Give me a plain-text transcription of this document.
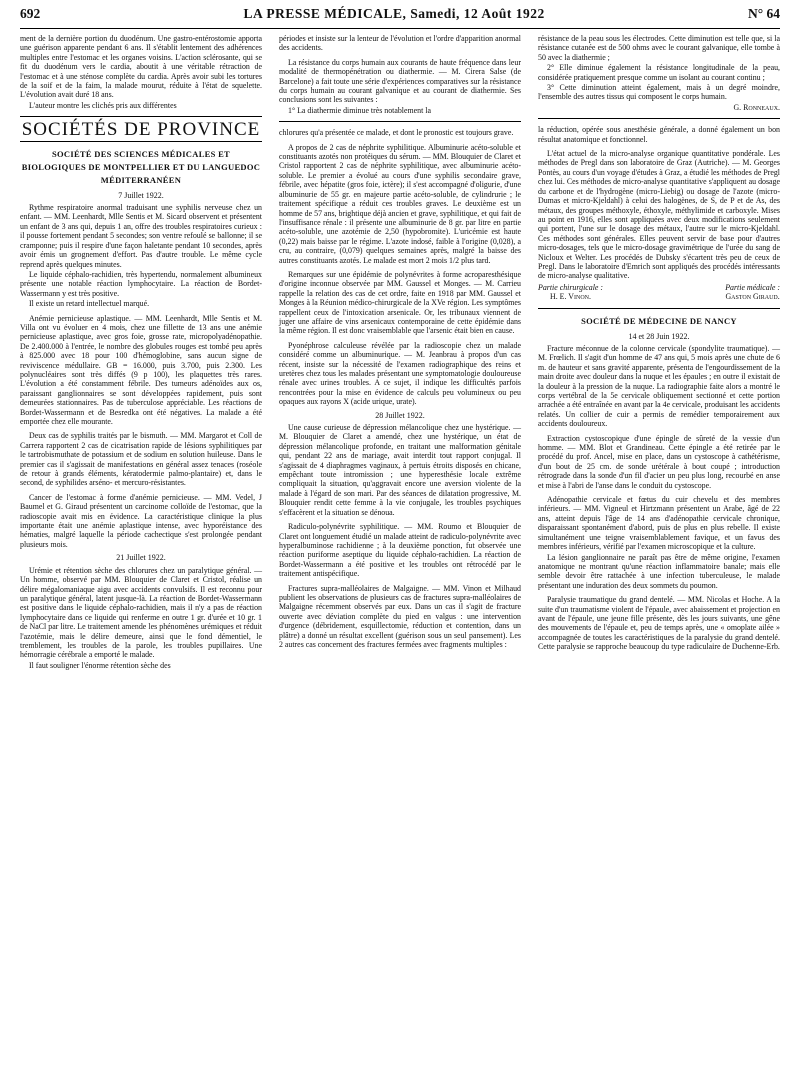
692	LA PRESSE MÉDICALE, Samedi, 12 Août 1922	N° 64

ment de la dernière portion du duodénum. Une gastro-entérostomie apporta une guérison apparente pendant 6 ans. Il s'établit lentement des adhérences multiples entre l'estomac et les organes voisins. L'action sclérosante, qui se fit du duodénum vers le cardia, aboutit à une véritable rétraction de l'estomac et à une sténose complète du cardia. Après avoir subi les tortures de la soif et de la faim, la malade mourut, réduite à l'état de squelette. L'évolution avait duré 18 ans.

L'auteur montre les clichés pris aux différentes

SOCIÉTÉS DE PROVINCE
SOCIÉTÉ DES SCIENCES MÉDICALES ET BIOLOGIQUES DE MONTPELLIER ET DU LANGUEDOC MÉDITERRANÉEN
7 Juillet 1922.

Rythme respiratoire anormal traduisant une syphilis nerveuse chez un enfant. — MM. Leenhardt, Mlle Sentis et M. Sicard observent et présentent un enfant de 3 ans qui, depuis 1 an, offre des troubles respiratoires curieux : il pousse fortement pendant 5 secondes; son ventre refoulé se ballonne; il se cramponne; puis il respire d'une façon haletante pendant 10 secondes, après avoir émis un grognement d'effort. Pas d'autre trouble. Le même cycle reprend après quelques minutes.

Le liquide céphalo-rachidien, très hypertendu, normalement albumineux présente une notable réaction lymphocytaire. La réaction de Bordet-Wassermann y est très positive.

Il existe un retard intellectuel marqué.

Anémie pernicieuse aplastique. — MM. Leenhardt, Mlle Sentis et M. Villa ont vu évoluer en 4 mois, chez une fillette de 13 ans une anémie pernicieuse aplastique, avec gros foie, grosse rate, micropolyadénopathie. De 2.400.000 à l'entrée, le nombre des globules rouges est tombé peu après à 825.000 avec 18 pour 100 d'hémoglobine, sans aucun signe de reviviscence médullaire. GB = 16.000, puis 3.700, puis 2.300. Les polynucléaires sont très diffés (9 p 100), les plaquettes très rares. L'évolution a été constamment fébrile. Des tumeurs adénoïdes aux os, paraissant ganglionnaires se sont développées rapidement, puis sont demeurées stationnaires. Pas de tuberculose appréciable. Les réactions de Bordet-Wassermann et de Besredka ont été négatives. La malade a été emportée chez elle mourante.

Deux cas de syphilis traités par le bismuth. — MM. Margarot et Coll de Carrera rapportent 2 cas de cicatrisation rapide de lésions syphilitiques par le tartrobismuthate de potassium et de sodium en solution huileuse. Dans le premier cas il s'agissait de manifestations en général assez tenaces (roséole de retour à grands éléments, kératodermie palmo-plantaire) et, dans le second, de syphilides arséno- et mercuro-résistantes.

Cancer de l'estomac à forme d'anémie pernicieuse. — MM. Vedel, J Baumel et G. Giraud présentent un carcinome colloïde de l'estomac, que la radioscopie avait mis en évidence. La caractéristique clinique la plus importante était une anémie aplastique intense, avec hyporéistance des hématies, malgré laquelle la période cachectique s'est prolongée pendant plusieurs mois.

21 Juillet 1922.

Urémie et rétention sèche des chlorures chez un paralytique général. — Un homme, observé par MM. Blouquier de Claret et Cristol, réalise un délire mégalomaniaque aigu avec accidents convulsifs. Il est reconnu pour un paralytique général, latent jusque-là. La réaction de Bordet-Wassermann est positive dans le liquide céphalo-rachidien, mais il n'y a pas de réaction lymphocytaire dans ce liquide qui renferme en outre 1 gr. d'urée et 10 gr. 1 de NaCl par litre. Le traitement amende les phénomènes urémiques et réduit l'azotémie, mais le délire demeure, ainsi que le fond démentiel, le tremblement, les troubles de la parole, les troubles pupillaires. Une hémorragie cérébrale a emporté le malade.

Il faut souligner l'énorme rétention sèche des

périodes et insiste sur la lenteur de l'évolution et l'ordre d'apparition anormal des accidents.

La résistance du corps humain aux courants de haute fréquence dans leur modalité de thermopénétration ou diathermie. — M. Cirera Salse (de Barcelone) a fait toute une série d'expériences comparatives sur la résistance du corps humain au courant galvanique et au courant de diathermie. Ses conclusions sont les suivantes :

1° La diathermie diminue très notablement la

chlorures qu'a présentée ce malade, et dont le pronostic est toujours grave.

A propos de 2 cas de néphrite syphilitique. Albuminurie acéto-soluble et constituants azotés non protéiques du sérum. — MM. Blouquier de Claret et Cristol rapportent 2 cas de néphrite syphilitique, avec albuminurie acéto-soluble. Le premier a évolué au cours d'une syphilis secondaire grave, fébrile, avec hépatite (gros foie, ictère); il s'est accompagné d'oligurie, d'une albuminurie de 55 gr. en majeure partie acéto-soluble, de cylindrurie ; le traitement spécifique a réduit ces troubles graves. Le deuxième est un homme de 57 ans, brightique déjà ancien et grave, syphilitique, et qui fait de l'insuffisance rénale : il présente une albuminurie de 8 gr. par litre en partie acéto-soluble, une azotémie de 2,50 (hypobromite). L'uricémie est haute (0,22) mais baisse par le régime. L'azote indosé, faible à l'origine (0,028), a cru, au contraire, (0,079) quelques semaines après, malgré la baisse des autres constituants azotés. Le malade est mort 2 mois 1/2 plus tard.

Remarques sur une épidémie de polynévrites à forme acroparesthésique d'origine inconnue observée par MM. Gaussel et Monges. — M. Carrieu rappelle la relation des cas de cet ordre, faite en 1918 par MM. Gaussel et Monges à la Réunion médico-chirurgicale de la XVe région. Les symptômes rappellent ceux de l'intoxication arsenicale. Or, les tribunaux viennent de juger une affaire de vins arsenicaux contemporaine de cette épidémie dans la même région. Il est donc vraisemblable que l'arsenic était bien en cause.

Pyonéphrose calculeuse révélée par la radioscopie chez un malade considéré comme un albuminurique. — M. Jeanbrau à propos d'un cas récent, insiste sur la nécessité de l'examen radiographique des reins et uretères chez tous les malades présentant une symptomatologie douloureuse rénale avec urines troubles. A ce sujet, il indique les difficultés parfois rencontrées pour la mise en évidence de calculs peu volumineux ou peu opaques aux rayons X (acide urique, urate).

28 Juillet 1922.

Une cause curieuse de dépression mélancolique chez une hystérique. — M. Blouquier de Claret a amendé, chez une hystérique, un état de dépression mélancolique profonde, en traitant une malformation génitale qui, pendant 22 ans de mariage, avait interdit tout rapport conjugal. Il s'agissait de 4 diaphragmes vaginaux, à pertuis étroits disposés en chicane, empêchant toute intromission ; une hyperesthésie locale extrême compliquait la situation, qu'aggravait encore une aversion violente de la malade à l'égard de son mari. Par des séances de dilatation progressive, M. Blouquier rendit cette femme à la vie conjugale, les troubles psychiques s'effacèrent et la situation se dénoua.

Radiculo-polynévrite syphilitique. — MM. Roumo et Blouquier de Claret ont longuement étudié un malade atteint de radiculo-polynévrite avec hyperalbuminose rachidienne ; à la deuxième ponction, fut observée une réaction puriforme aseptique du liquide céphalo-rachidien. La réaction de Bordet-Wassermann a été positive et les troubles ont rétrocédé par le traitement antispécifique.

Fractures supra-malléolaires de Malgaigne. — MM. Vinon et Milhaud publient les observations de plusieurs cas de fractures supra-malléolaires de Malgaigne récemment observés par eux. Dans un cas il s'agit de fracture ouverte avec déviation complète du pied en valgus : une intervention d'urgence (débridement, esquillectomie, réduction et contention, dans un plâtre) a donné un résultat excellent (guérison sous un seul pansement). Les 2 autres cas concernent des fractures fermées avec fragments multiples :

résistance de la peau sous les électrodes. Cette diminution est telle que, si la résistance cutanée est de 500 ohms avec le courant galvanique, elle tombe à 50 avec la diathermie ;

2° Elle diminue également la résistance longitudinale de la peau, considérée pratiquement presque comme un isolant au courant continu ;

3° Cette diminution atteint également, mais à un degré moindre, l'ensemble des autres tissus qui composent le corps humain.

G. Ronneaux.

la réduction, opérée sous anesthésie générale, a donné également un bon résultat anatomique et fonctionnel.

L'état actuel de la micro-analyse organique quantitative pondérale. Les méthodes de Pregl dans son laboratoire de Graz (Autriche). — M. Georges Pontès, au cours d'un voyage d'études à Graz, a étudié les méthodes de Pregl chez lui. Ces méthodes de micro-analyse quantitative s'appliquent au dosage du carbone et de l'hydrogène (micro-Liebig) ou dosage de l'azote (micro-Dumas et micro-Kjeldahl) à celui des halogènes, de S, de P et de As, des métaux, des groupes méthoxyle, éthoxyle, méthylimide et carboxyle. Mises au point en 1916, elles sont appliquées avec deux modifications seulement qui portent, l'une sur le dosage des métaux, l'autre sur le micro-Kjeldahl. Ces méthodes sont générales. Elles peuvent servir de base pour d'autres micro-dosages, tels que le micro-dosage gravimétrique de l'urée du sang de Nicloux et Welter. Les procédés de Dubsky s'écartent très peu de ceux de Pregl. Dans le laboratoire d'Emrich sont appliqués des procédés intéressants de micro-analyse qualitative.

Partie chirurgicale :
H. E. Vinon.
Partie médicale :
Gaston Giraud.
SOCIÉTÉ DE MÉDECINE DE NANCY
14 et 28 Juin 1922.

Fracture méconnue de la colonne cervicale (spondylite traumatique). — M. Frœlich. Il s'agit d'un homme de 47 ans qui, 5 mois après une chute de 6 m. de hauteur et sans gravité apparente, présenta de l'engourdissement de la main droite avec douleur dans la nuque et les épaules ; en outre il existait de la douleur à la pression de la nuque. La radiographie faite alors a montré le corps vertébral de la 5e cervicale obliquement sectionné et cette portion arrachée a été entraînée en avant par la 4e cervicale, produisant les accidents relatés. Un collier de cuir a permis de remédier temporairement aux accidents douloureux.

Extraction cystoscopique d'une épingle de sûreté de la vessie d'un homme. — MM. Blot et Grandineau. Cette épingle a été retirée par le procédé du prof. Ancel, mise en place, dans un cystoscope à cathétérisme, d'un bout de 25 cm. de sonde urétérale à bout coupé ; introduction rétrograde dans la sonde d'un fil d'acier un peu plus long, recourbé en anse et mise à l'abri de l'anse dans le conduit du cystoscope.

Adénopathie cervicale et fœtus du cuir chevelu et des membres inférieurs. — MM. Vigneul et Hirtzmann présentent un Arabe, âgé de 22 ans, atteint depuis l'âge de 14 ans d'adénopathie cervicale chronique, disparaissant spontanément d'abord, puis de plus en plus rebelle. Il existe simultanément une teigne vraisemblablement favique, et un favus des membres inférieurs, vérifié par l'examen microscopique et la culture.

La lésion ganglionnaire ne paraît pas être de même origine, l'examen anatomique ne montrant qu'une réaction inflammatoire banale; mais elle semble devoir être rattachée à une infection tuberculeuse, le malade présentant une induration des deux sommets du poumon.

Paralysie traumatique du grand dentelé. — MM. Nicolas et Hoche. A la suite d'un traumatisme violent de l'épaule, avec abaissement et projection en avant de l'épaule, une jeune fille présente, dès les jours suivants, une gêne des mouvements de l'épaule et, peu de temps après, une « omoplate ailée » accompagnée de toutes les caractéristiques de la paralysie du grand dentelé. Cette paralysie se rapproche beaucoup du type radiculaire de Duchenne-Erb.
